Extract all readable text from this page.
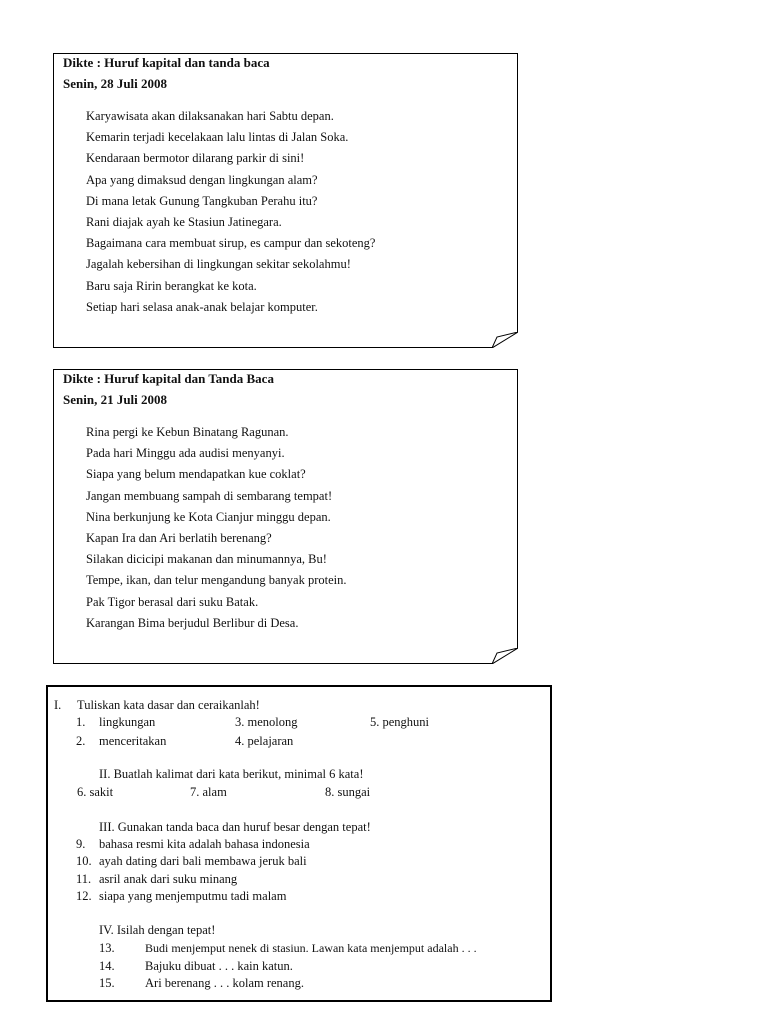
Dikte : Huruf kapital dan tanda baca
Senin, 28 Juli 2008
Karyawisata akan dilaksanakan hari Sabtu depan.
Kemarin terjadi kecelakaan lalu lintas di Jalan Soka.
Kendaraan bermotor dilarang parkir di sini!
Apa yang dimaksud dengan lingkungan alam?
Di mana letak Gunung Tangkuban Perahu itu?
Rani diajak ayah ke Stasiun Jatinegara.
Bagaimana cara membuat sirup, es campur dan sekoteng?
Jagalah kebersihan di lingkungan sekitar sekolahmu!
Baru saja Ririn berangkat ke kota.
Setiap hari selasa anak-anak belajar komputer.
Dikte : Huruf kapital dan Tanda Baca
Senin, 21 Juli 2008
Rina pergi ke Kebun Binatang Ragunan.
Pada hari Minggu ada audisi menyanyi.
Siapa yang belum mendapatkan kue coklat?
Jangan membuang sampah di sembarang tempat!
Nina berkunjung ke Kota Cianjur minggu depan.
Kapan Ira dan Ari berlatih berenang?
Silakan dicicipi makanan dan minumannya, Bu!
Tempe, ikan, dan telur mengandung banyak protein.
Pak Tigor berasal dari suku Batak.
Karangan Bima berjudul Berlibur di Desa.
I. Tuliskan kata dasar dan ceraikanlah!
1. lingkungan	3. menolong	5. penghuni
2. menceritakan	4. pelajaran
II. Buatlah kalimat dari kata berikut, minimal 6 kata!
6. sakit	7. alam	8. sungai
III. Gunakan tanda baca dan huruf besar dengan tepat!
9. bahasa resmi kita adalah bahasa indonesia
10. ayah dating dari bali membawa jeruk bali
11. asril anak dari suku minang
12. siapa yang menjemputmu tadi malam
IV. Isilah dengan tepat!
13.	Budi menjemput nenek di stasiun. Lawan kata menjemput adalah . . .
14. Bajuku dibuat . . . kain katun.
15. Ari berenang . . . kolam renang.
